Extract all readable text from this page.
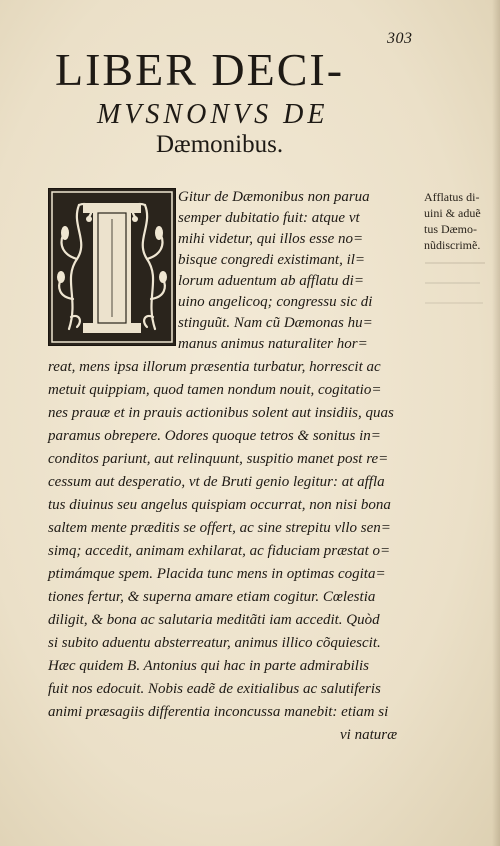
303
LIBER DECI-
MVSNONVS DE
Dæmonibus.
Gitur de Dæmonibus non parua
semper dubitatio fuit: atque vt
mihi videtur, qui illos esse no=
bisque congredi existimant, il=
lorum aduentum ab afflatu di=
uino angelicoq; congressu sic di
stinguũt. Nam cũ Dæmonas hu=
manus animus naturaliter hor=
reat, mens ipsa illorum præsentia turbatur, horrescit ac
metuit quippiam, quod tamen nondum nouit, cogitatio=
nes prauæ et in prauis actionibus solent aut insidiis, quas
paramus obrepere. Odores quoque tetros & sonitus in=
conditos pariunt, aut relinquunt, suspitio manet post re=
cessum aut desperatio, vt de Bruti genio legitur: at affla
tus diuinus seu angelus quispiam occurrat, non nisi bona
saltem mente præditis se offert, ac sine strepitu vllo sen=
simq; accedit, animam exhilarat, ac fiduciam præstat o=
ptimámque spem. Placida tunc mens in optimas cogita=
tiones fertur, & superna amare etiam cogitur. Cœlestia
diligit, & bona ac salutaria meditãti iam accedit. Quòd
si subito aduentu absterreatur, animus illico cõquiescit.
Hæc quidem B. Antonius qui hac in parte admirabilis
fuit nos edocuit. Nobis eadẽ de exitialibus ac salutiferis
animi præsagiis differentia inconcussa manebit: etiam si
vi naturæ
Afflatus di-
uini & aduẽ
tus Dæmo-
nũdiscrimẽ.
